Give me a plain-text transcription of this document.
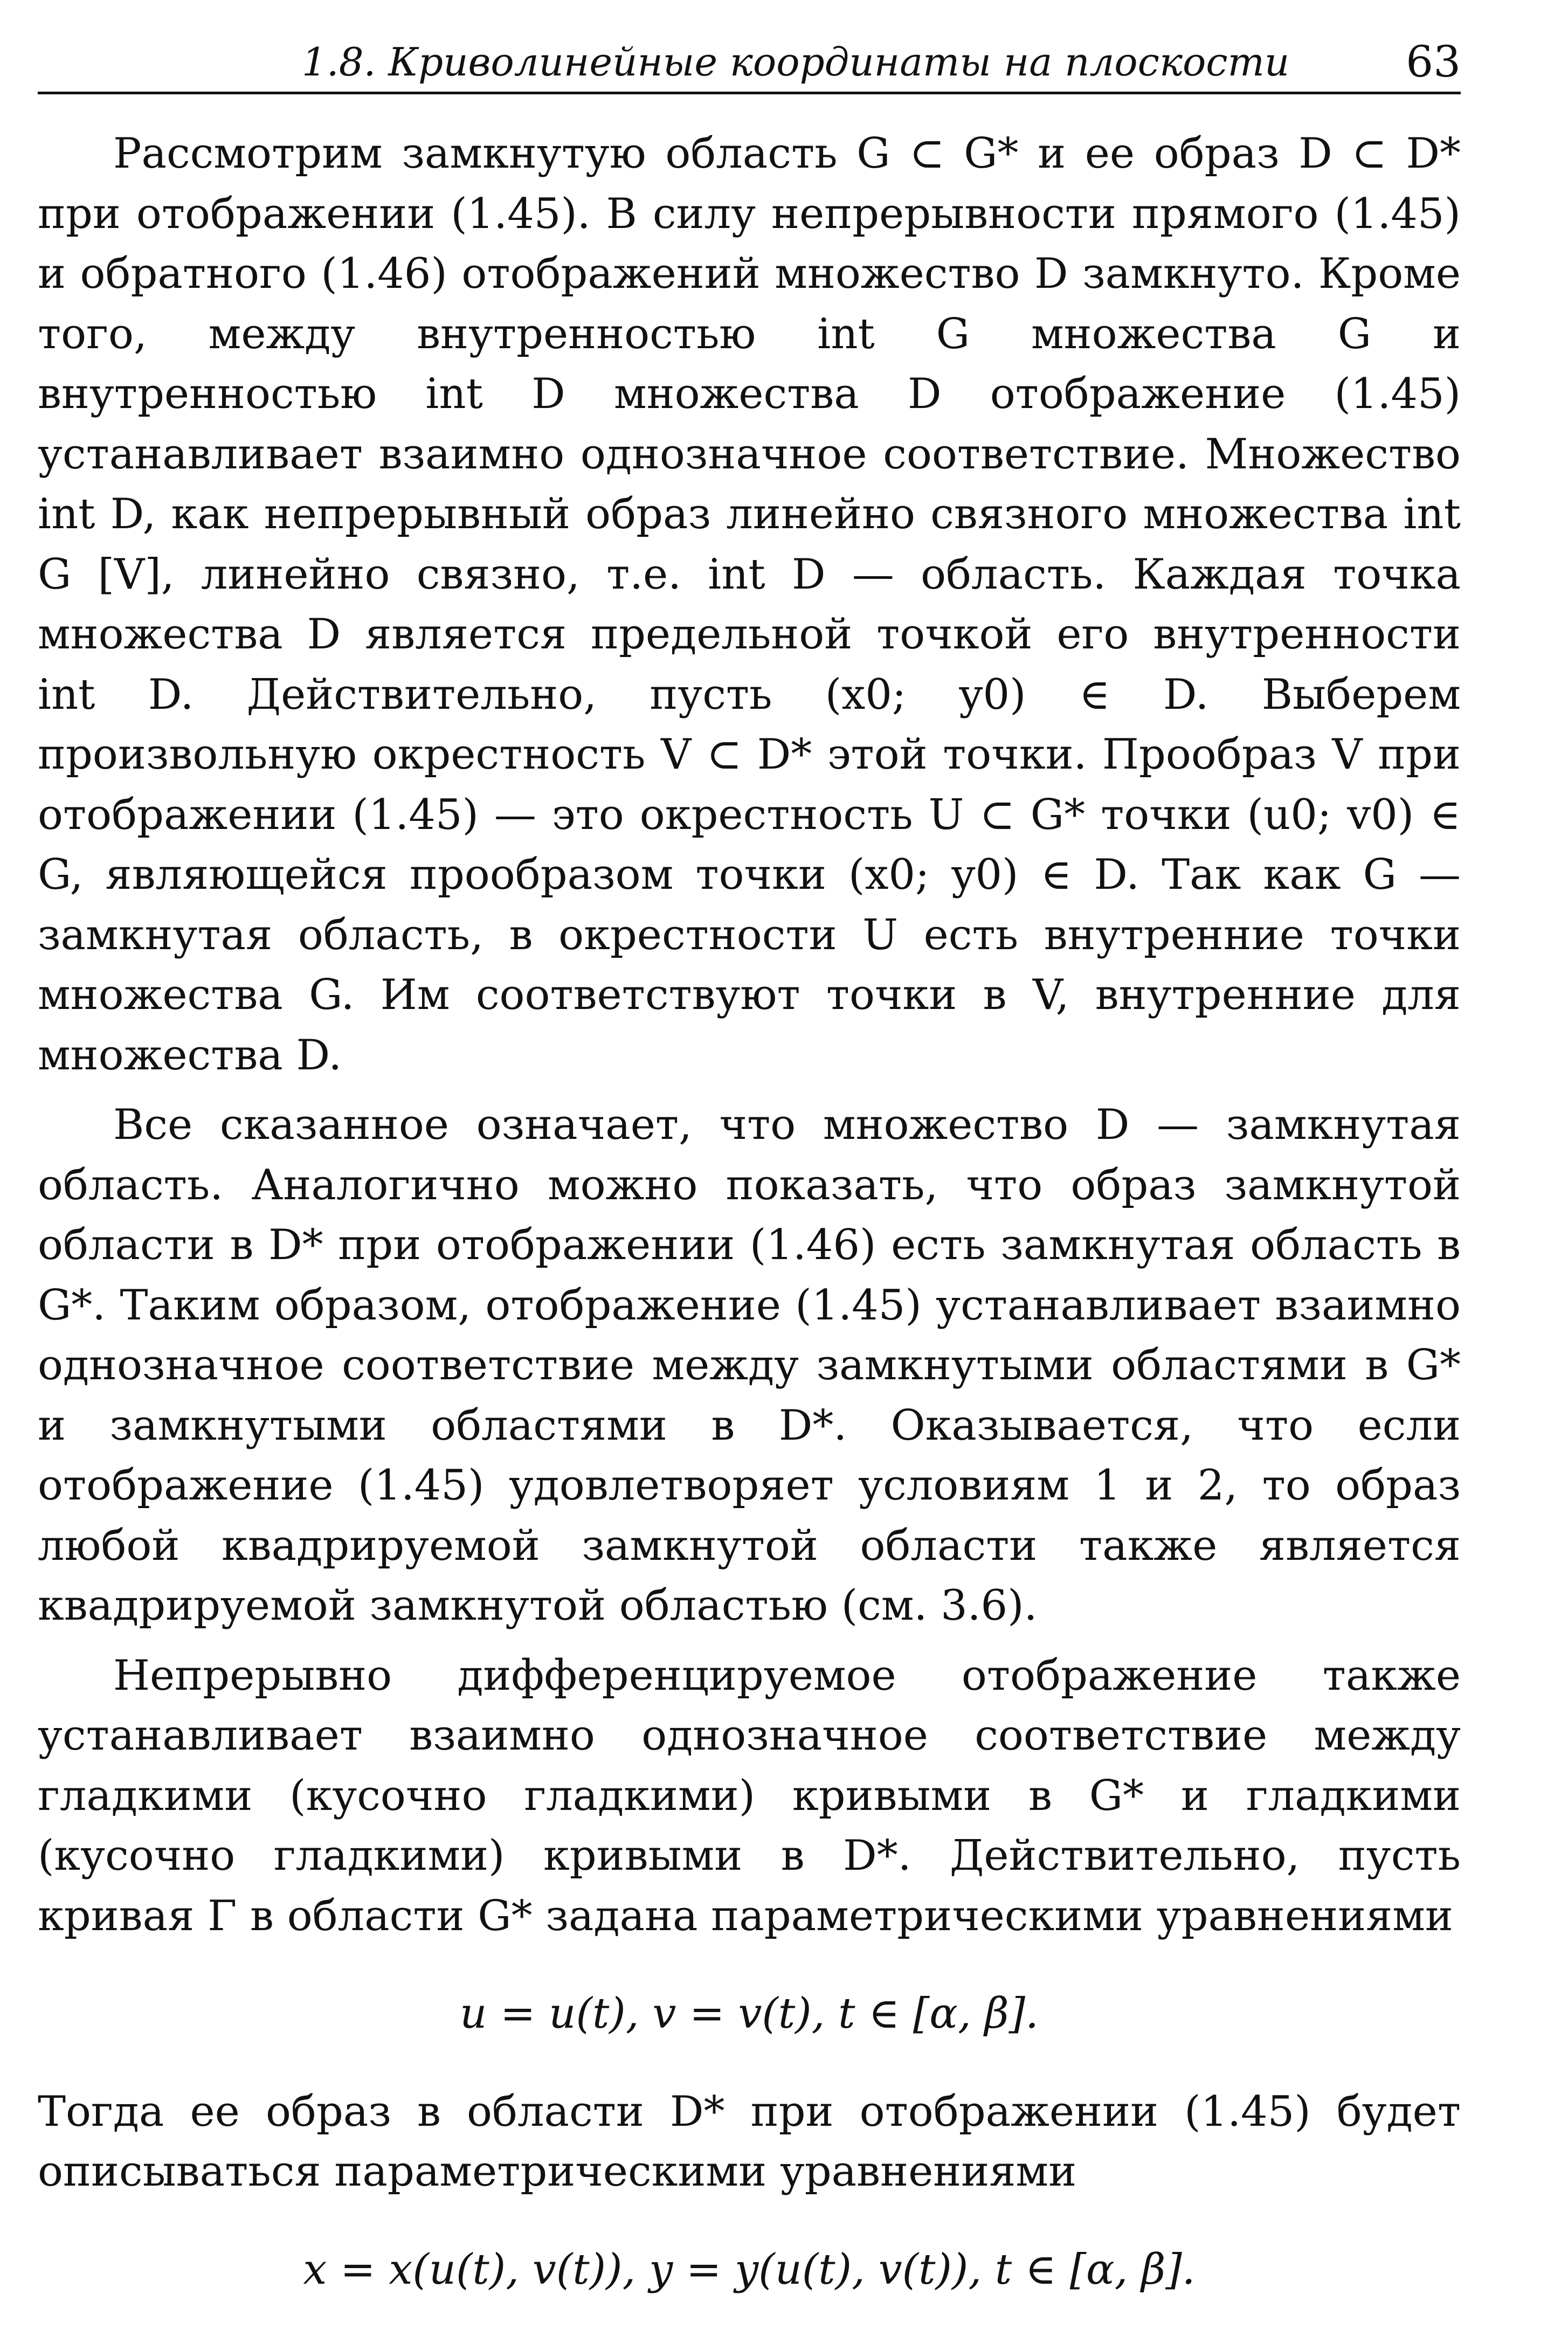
1.8. Криволинейные координаты на плоскости	63

Рассмотрим замкнутую область G ⊂ G* и ее образ D ⊂ D* при отображении (1.45). В силу непрерывности прямого (1.45) и обратного (1.46) отображений множество D замкнуто. Кроме того, между внутренностью int G множества G и внутренностью int D множества D отображение (1.45) устанавливает взаимно однозначное соответствие. Множество int D, как непрерывный образ линейно связного множества int G [V], линейно связно, т.е. int D — область. Каждая точка множества D является предельной точкой его внутренности int D. Действительно, пусть (x0; y0) ∈ D. Выберем произвольную окрестность V ⊂ D* этой точки. Прообраз V при отображении (1.45) — это окрестность U ⊂ G* точки (u0; v0) ∈ G, являющейся прообразом точки (x0; y0) ∈ D. Так как G — замкнутая область, в окрестности U есть внутренние точки множества G. Им соответствуют точки в V, внутренние для множества D.

Все сказанное означает, что множество D — замкнутая область. Аналогично можно показать, что образ замкнутой области в D* при отображении (1.46) есть замкнутая область в G*. Таким образом, отображение (1.45) устанавливает взаимно однозначное соответствие между замкнутыми областями в G* и замкнутыми областями в D*. Оказывается, что если отображение (1.45) удовлетворяет условиям 1 и 2, то образ любой квадрируемой замкнутой области также является квадрируемой замкнутой областью (см. 3.6).

Непрерывно дифференцируемое отображение также устанавливает взаимно однозначное соответствие между гладкими (кусочно гладкими) кривыми в G* и гладкими (кусочно гладкими) кривыми в D*. Действительно, пусть кривая Γ в области G* задана параметрическими уравнениями

u = u(t), v = v(t), t ∈ [α, β].

Тогда ее образ в области D* при отображении (1.45) будет описываться параметрическими уравнениями

x = x(u(t), v(t)), y = y(u(t), v(t)), t ∈ [α, β].
